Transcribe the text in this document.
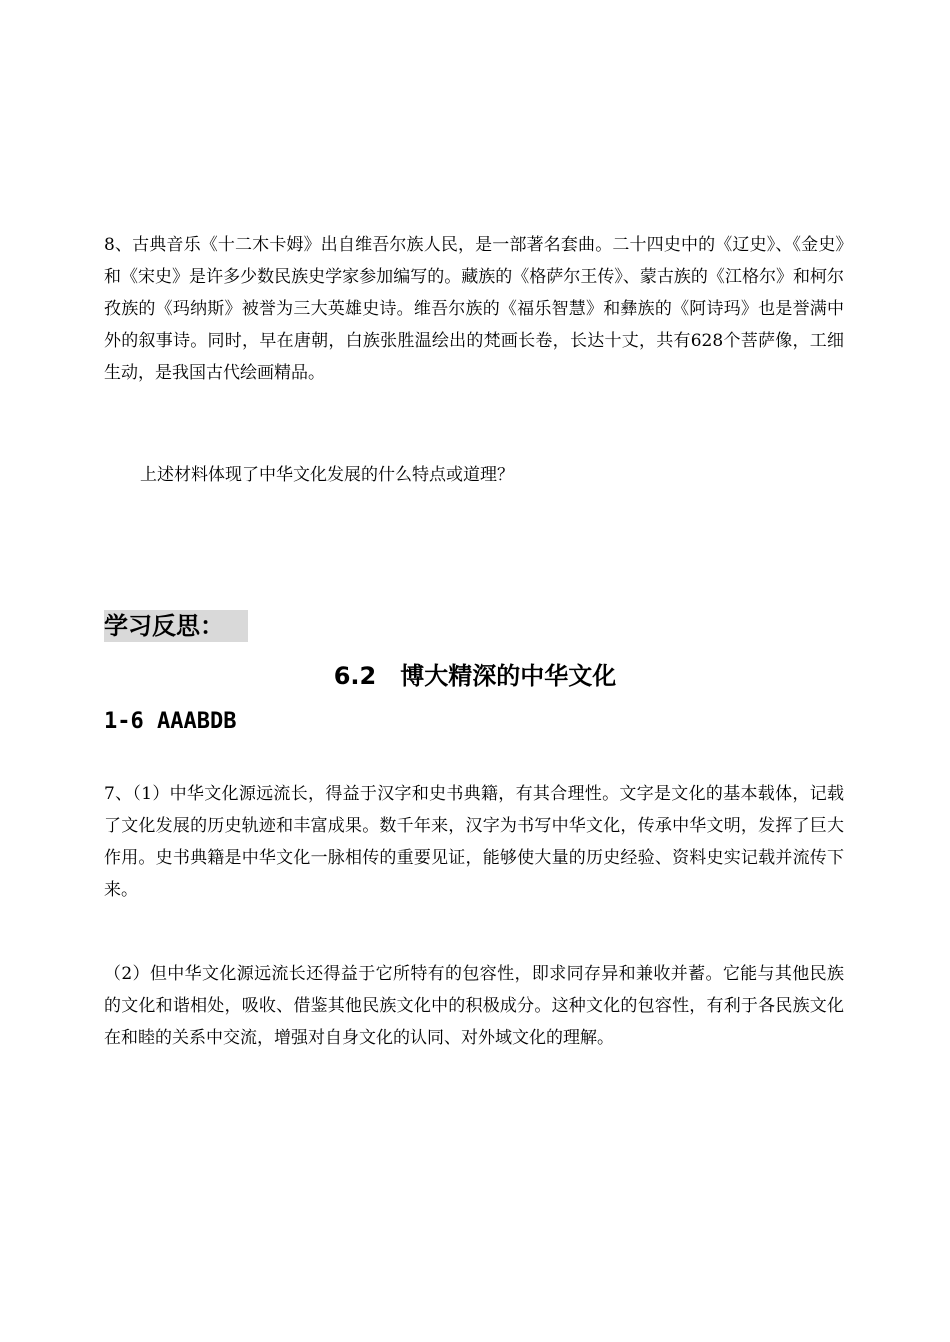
8、古典音乐《十二木卡姆》出自维吾尔族人民，是一部著名套曲。二十四史中的《辽史》、《金史》和《宋史》是许多少数民族史学家参加编写的。藏族的《格萨尔王传》、蒙古族的《江格尔》和柯尔孜族的《玛纳斯》被誉为三大英雄史诗。维吾尔族的《福乐智慧》和彝族的《阿诗玛》也是誉满中外的叙事诗。同时，早在唐朝，白族张胜温绘出的梵画长卷，长达十丈，共有628个菩萨像，工细生动，是我国古代绘画精品。

上述材料体现了中华文化发展的什么特点或道理？

学习反思：
6.2　博大精深的中华文化
1-6 AAABDB

7、（1）中华文化源远流长，得益于汉字和史书典籍，有其合理性。文字是文化的基本载体，记载了文化发展的历史轨迹和丰富成果。数千年来，汉字为书写中华文化，传承中华文明，发挥了巨大作用。史书典籍是中华文化一脉相传的重要见证，能够使大量的历史经验、资料史实记载并流传下来。

（2）但中华文化源远流长还得益于它所特有的包容性，即求同存异和兼收并蓄。它能与其他民族的文化和谐相处，吸收、借鉴其他民族文化中的积极成分。这种文化的包容性，有利于各民族文化在和睦的关系中交流，增强对自身文化的认同、对外域文化的理解。
